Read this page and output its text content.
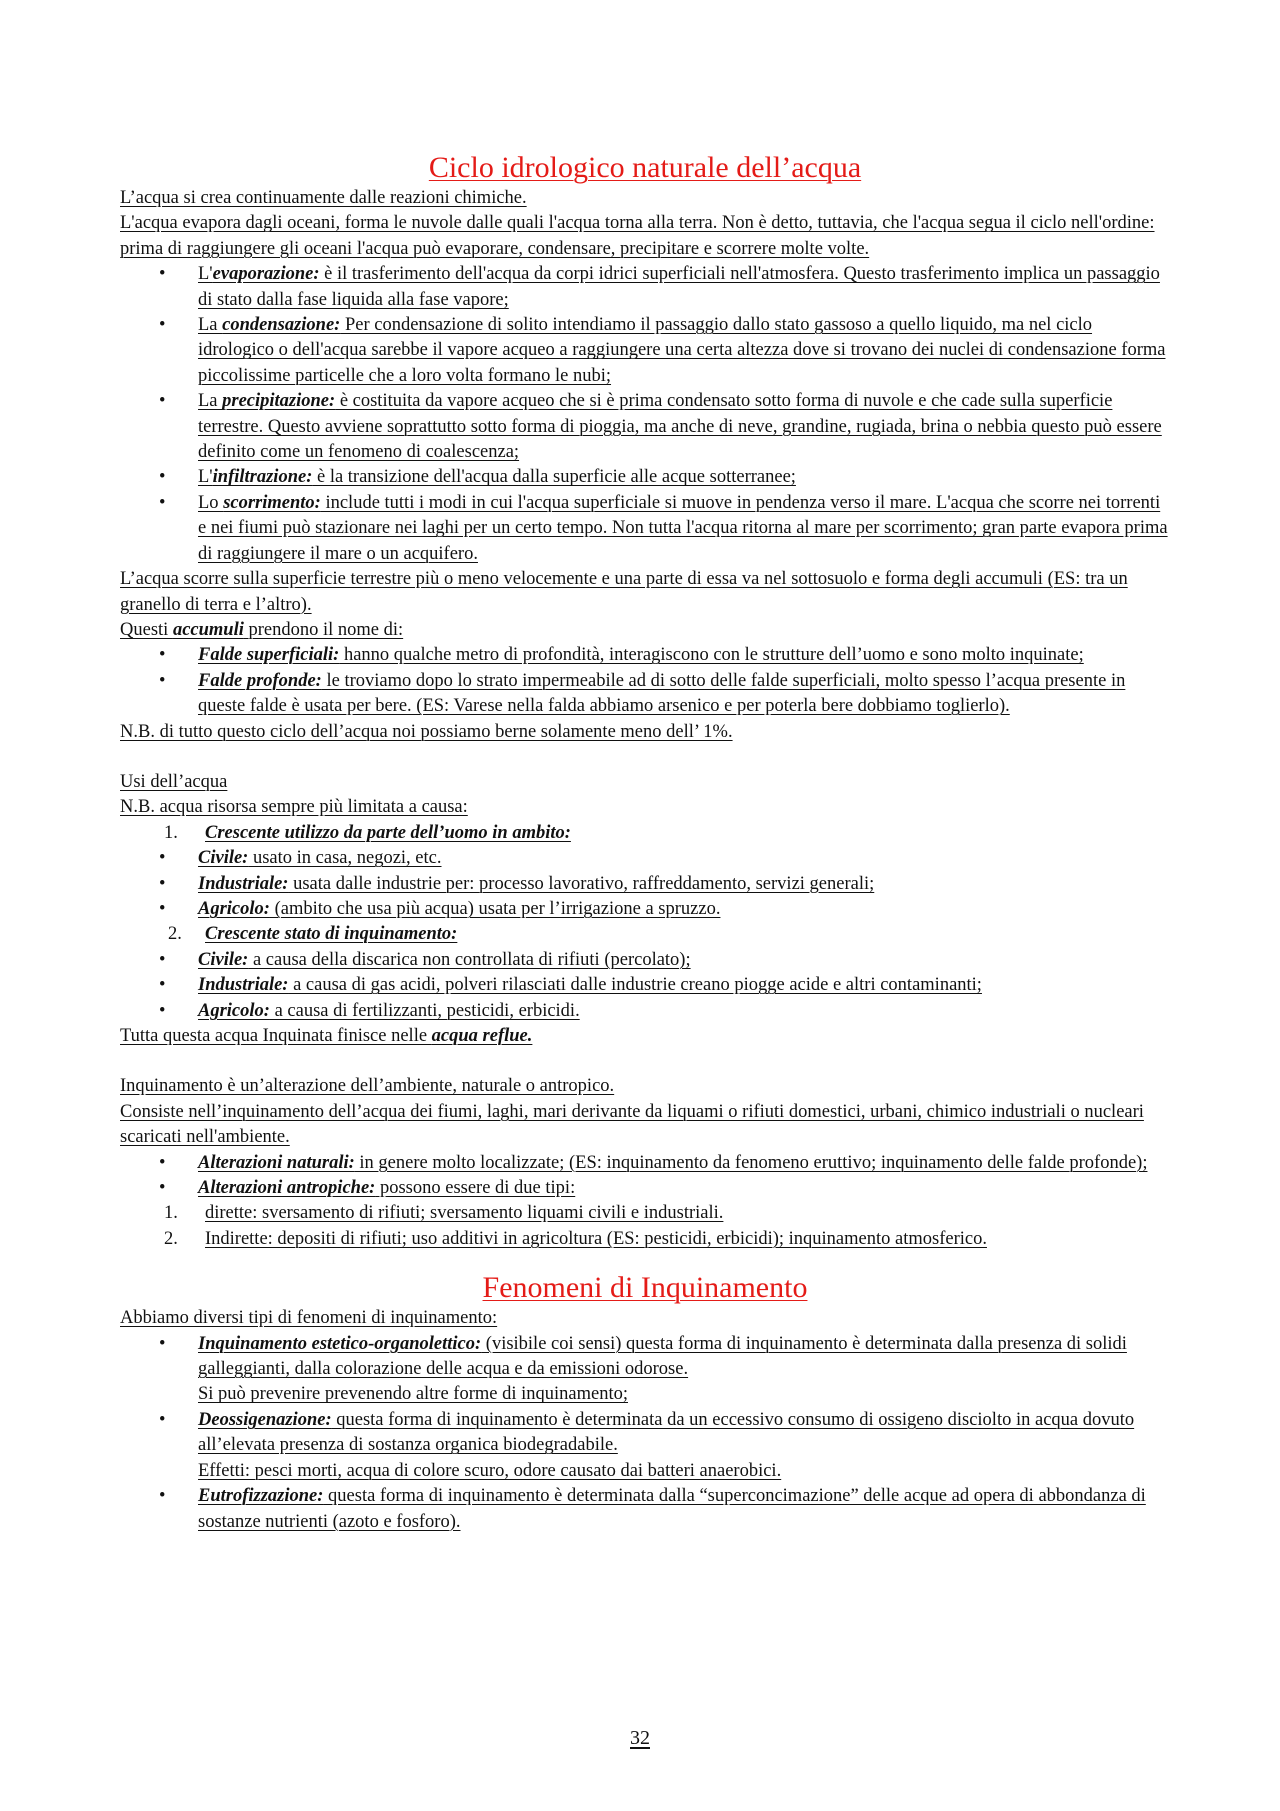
Ciclo idrologico naturale dell’acqua

L’acqua si crea continuamente dalle reazioni chimiche.

L'acqua evapora dagli oceani, forma le nuvole dalle quali l'acqua torna alla terra. Non è detto, tuttavia, che l'acqua segua il ciclo nell'ordine: prima di raggiungere gli oceani l'acqua può evaporare, condensare, precipitare e scorrere molte volte.

• L'evaporazione: è il trasferimento dell'acqua da corpi idrici superficiali nell'atmosfera. Questo trasferimento implica un passaggio di stato dalla fase liquida alla fase vapore;
• La condensazione: Per condensazione di solito intendiamo il passaggio dallo stato gassoso a quello liquido, ma nel ciclo idrologico o dell'acqua sarebbe il vapore acqueo a raggiungere una certa altezza dove si trovano dei nuclei di condensazione forma piccolissime particelle che a loro volta formano le nubi;
• La precipitazione: è costituita da vapore acqueo che si è prima condensato sotto forma di nuvole e che cade sulla superficie terrestre. Questo avviene soprattutto sotto forma di pioggia, ma anche di neve, grandine, rugiada, brina o nebbia questo può essere definito come un fenomeno di coalescenza;
• L'infiltrazione: è la transizione dell'acqua dalla superficie alle acque sotterranee;
• Lo scorrimento: include tutti i modi in cui l'acqua superficiale si muove in pendenza verso il mare. L'acqua che scorre nei torrenti e nei fiumi può stazionare nei laghi per un certo tempo. Non tutta l'acqua ritorna al mare per scorrimento; gran parte evapora prima di raggiungere il mare o un acquifero.

L’acqua scorre sulla superficie terrestre più o meno velocemente e una parte di essa va nel sottosuolo e forma degli accumuli (ES: tra un granello di terra e l’altro).

Questi accumuli prendono il nome di:

• Falde superficiali: hanno qualche metro di profondità, interagiscono con le strutture dell’uomo e sono molto inquinate;
• Falde profonde: le troviamo dopo lo strato impermeabile ad di sotto delle falde superficiali, molto spesso l’acqua presente in queste falde è usata per bere. (ES: Varese nella falda abbiamo arsenico e per poterla bere dobbiamo toglierlo).

N.B. di tutto questo ciclo dell’acqua noi possiamo berne solamente meno dell’ 1%.

Usi dell’acqua

N.B. acqua risorsa sempre più limitata a causa:

1. Crescente utilizzo da parte dell’uomo in ambito:
• Civile: usato in casa, negozi, etc.
• Industriale: usata dalle industrie per: processo lavorativo, raffreddamento, servizi generali;
• Agricolo: (ambito che usa più acqua) usata per l’irrigazione a spruzzo.
2. Crescente stato di inquinamento:
• Civile: a causa della discarica non controllata di rifiuti (percolato);
• Industriale: a causa di gas acidi, polveri rilasciati dalle industrie creano piogge acide e altri contaminanti;
• Agricolo: a causa di fertilizzanti, pesticidi, erbicidi.

Tutta questa acqua Inquinata finisce nelle acqua reflue.

Inquinamento è un’alterazione dell’ambiente, naturale o antropico.

Consiste nell’inquinamento dell’acqua dei fiumi, laghi, mari derivante da liquami o rifiuti domestici, urbani, chimico industriali o nucleari scaricati nell'ambiente.

• Alterazioni naturali: in genere molto localizzate; (ES: inquinamento da fenomeno eruttivo; inquinamento delle falde profonde);
• Alterazioni antropiche: possono essere di due tipi:
1. dirette: sversamento di rifiuti; sversamento liquami civili e industriali.
2. Indirette: depositi di rifiuti; uso additivi in agricoltura (ES: pesticidi, erbicidi); inquinamento atmosferico.
Fenomeni di Inquinamento

Abbiamo diversi tipi di fenomeni di inquinamento:

• Inquinamento estetico-organolettico: (visibile coi sensi) questa forma di inquinamento è determinata dalla presenza di solidi galleggianti, dalla colorazione delle acqua e da emissioni odorose.
Si può prevenire prevenendo altre forme di inquinamento;
• Deossigenazione: questa forma di inquinamento è determinata da un eccessivo consumo di ossigeno disciolto in acqua dovuto all’elevata presenza di sostanza organica biodegradabile.
Effetti: pesci morti, acqua di colore scuro, odore causato dai batteri anaerobici.
• Eutrofizzazione: questa forma di inquinamento è determinata dalla “superconcimazione” delle acque ad opera di abbondanza di sostanze nutrienti (azoto e fosforo).
32
